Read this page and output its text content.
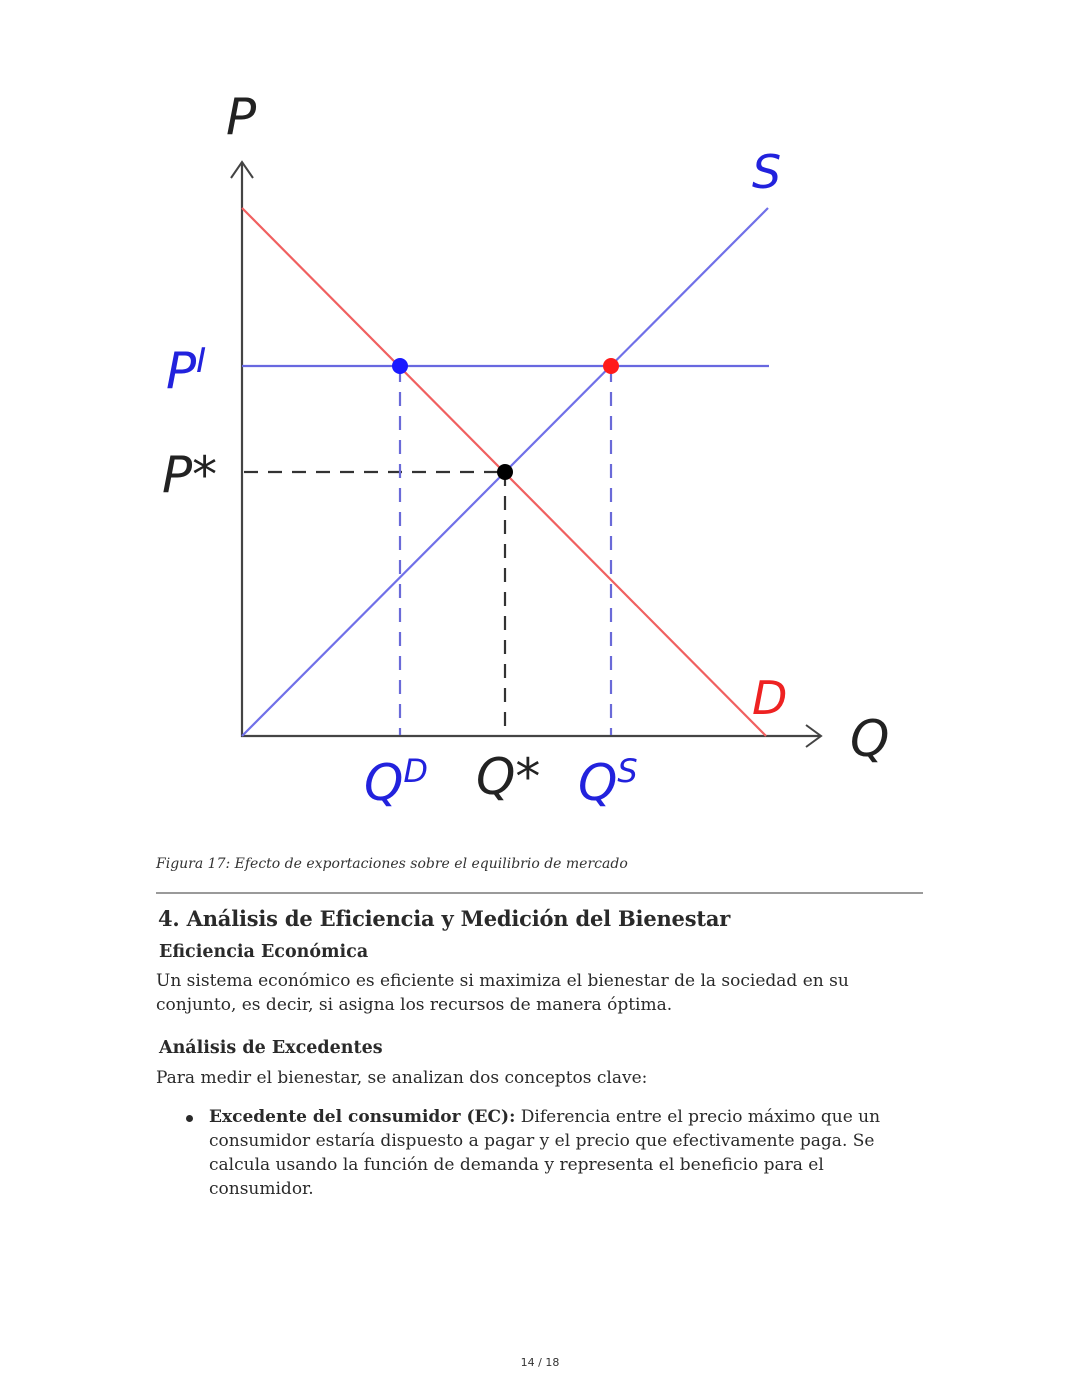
P
Q
S
D
$P^I$
P*
$Q^D$ Q* $Q^S$
Figura 17: Efecto de exportaciones sobre el equilibrio de mercado
4. Análisis de Eficiencia y Medición del Bienestar
Eficiencia Económica

Un sistema económico es eficiente si maximiza el bienestar de la sociedad en su conjunto, es decir, si asigna los recursos de manera óptima.

Análisis de Excedentes

Para medir el bienestar, se analizan dos conceptos clave:

Excedente del consumidor (EC): Diferencia entre el precio máximo que un consumidor estaría dispuesto a pagar y el precio que efectivamente paga. Se calcula usando la función de demanda y representa el beneficio para el consumidor.
14 / 18
